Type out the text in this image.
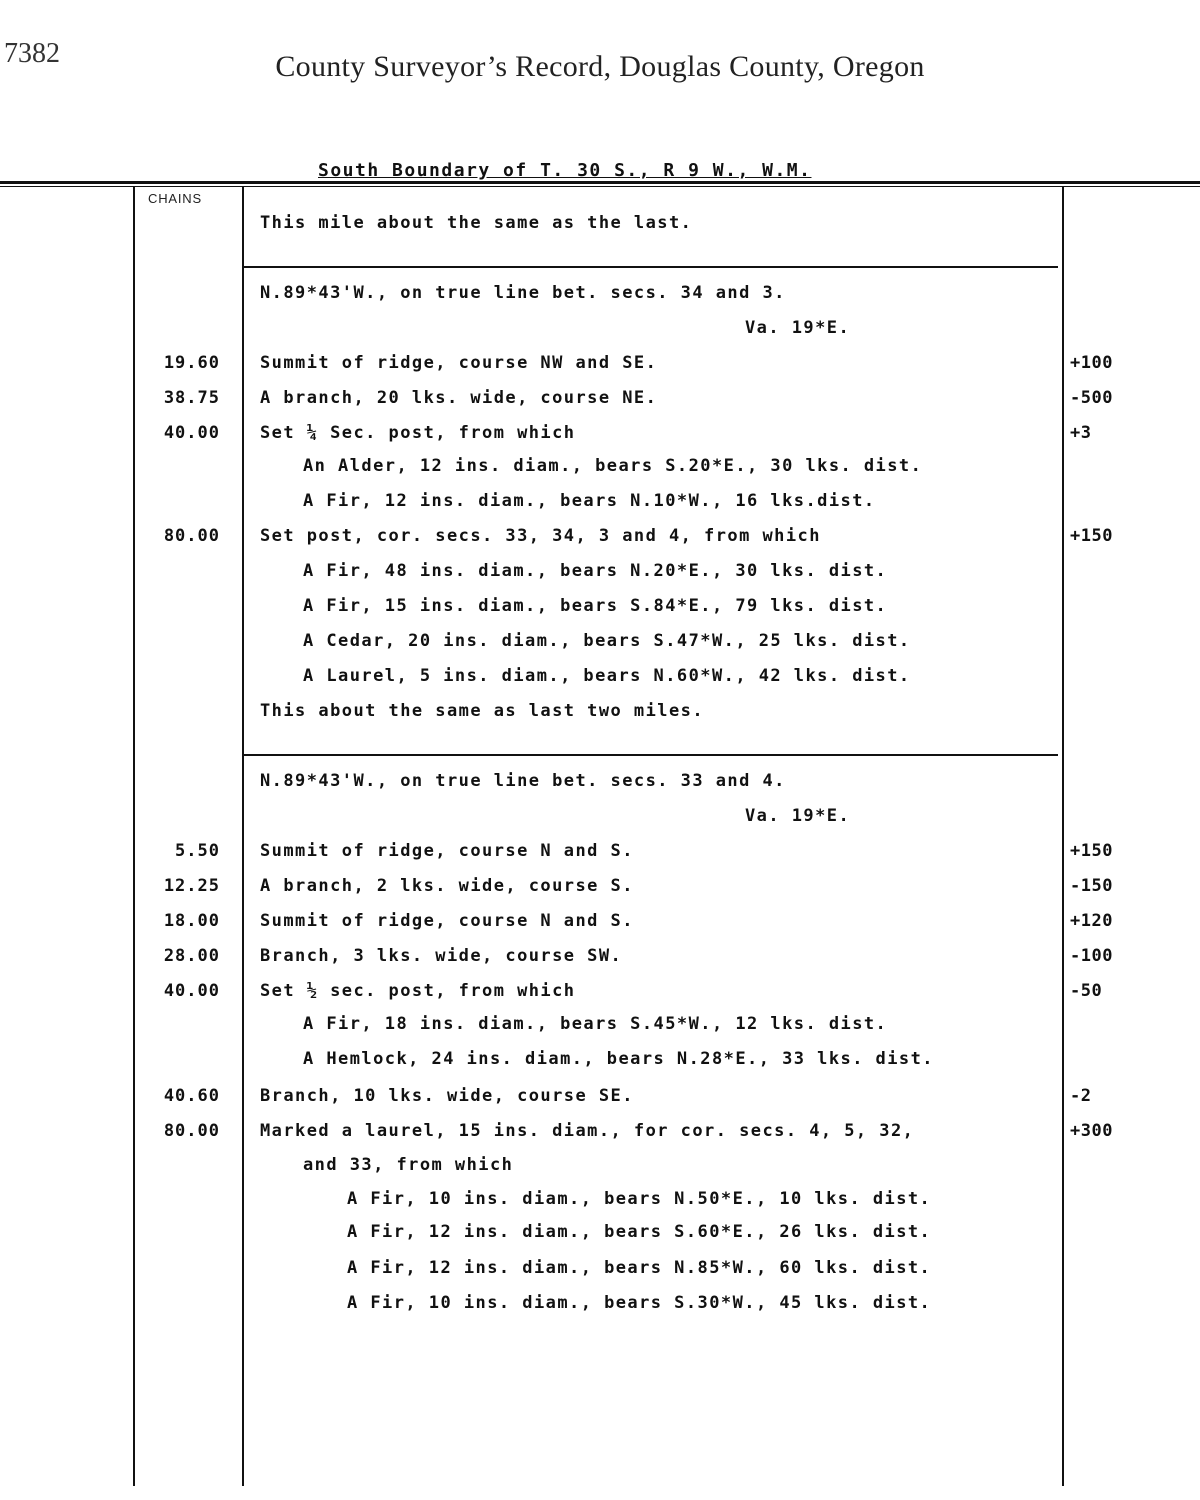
7382	County Surveyor’s Record, Douglas County, Oregon
South Boundary of T. 30 S., R 9 W., W.M.
CHAINS
This mile about the same as the last.
N.89*43'W., on true line bet. secs. 34 and 3.
Va. 19*E.
19.60 Summit of ridge, course NW and SE.	+100
38.75 A branch, 20 lks. wide, course NE.	-500
40.00 Set ¼ Sec. post, from which	+3
An Alder, 12 ins. diam., bears S.20*E., 30 lks. dist.
A Fir, 12 ins. diam., bears N.10*W., 16 lks.dist.
80.00 Set post, cor. secs. 33, 34, 3 and 4, from which	+150
A Fir, 48 ins. diam., bears N.20*E., 30 lks. dist.
A Fir, 15 ins. diam., bears S.84*E., 79 lks. dist.
A Cedar, 20 ins. diam., bears S.47*W., 25 lks. dist.
A Laurel, 5 ins. diam., bears N.60*W., 42 lks. dist.
This about the same as last two miles.
N.89*43'W., on true line bet. secs. 33 and 4.
Va. 19*E.
5.50 Summit of ridge, course N and S.	+150
12.25 A branch, 2 lks. wide, course S.	-150
18.00 Summit of ridge, course N and S.	+120
28.00 Branch, 3 lks. wide, course SW.	-100
40.00 Set ½ sec. post, from which	-50
A Fir, 18 ins. diam., bears S.45*W., 12 lks. dist.
A Hemlock, 24 ins. diam., bears N.28*E., 33 lks. dist.
40.60 Branch, 10 lks. wide, course SE.	-2
80.00 Marked a laurel, 15 ins. diam., for cor. secs. 4, 5, 32,	+300
and 33, from which
A Fir, 10 ins. diam., bears N.50*E., 10 lks. dist.
A Fir, 12 ins. diam., bears S.60*E., 26 lks. dist.
A Fir, 12 ins. diam., bears N.85*W., 60 lks. dist.
A Fir, 10 ins. diam., bears S.30*W., 45 lks. dist.
